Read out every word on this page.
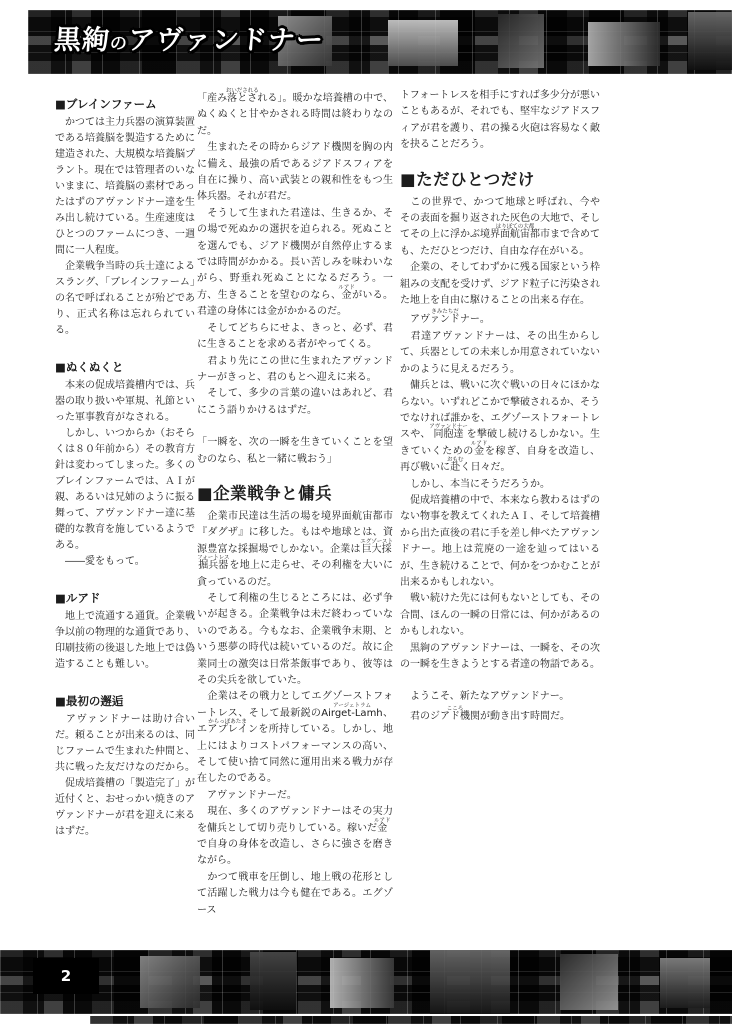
黒絢のアヴァンドナー
■ブレインファーム

　かつては主力兵器の演算装置である培養脳を製造するために建造された、大規模な培養脳プラント。現在では管理者のいないままに、培養脳の素材であったはずのアヴァンドナー達を生み出し続けている。生産速度はひとつのファームにつき、一週間に一人程度。

　企業戦争当時の兵士達によるスラング、「ブレインファーム」の名で呼ばれることが殆どであり、正式名称は忘れられている。

■ぬくぬくと

　本来の促成培養槽内では、兵器の取り扱いや軍規、礼節といった軍事教育がなされる。

　しかし、いつからか（おそらくは８０年前から）その教育方針は変わってしまった。多くのブレインファームでは、ＡＩが親、あるいは兄姉のように振る舞って、アヴァンドナー達に基礎的な教育を施しているようである。

　――愛をもって。

■ルアド

　地上で流通する通貨。企業戦争以前の物理的な通貨であり、印刷技術の後退した地上では偽造することも難しい。

■最初の邂逅

　アヴァンドナーは助け合いだ。頼ることが出来るのは、同じファームで生まれた仲間と、共に戦った友だけなのだから。

　促成培養槽の「製造完了」が近付くと、おせっかい焼きのアヴァンドナーが君を迎えに来るはずだ。

「産み落とされるおいだされる」。暖かな培養槽の中で、ぬくぬくと甘やかされる時間は終わりなのだ。

　生まれたその時からジアド機関を胸の内に備え、最強の盾であるジアドスフィアを自在に操り、高い武装との親和性をもつ生体兵器。それが君だ。

　そうして生まれた君達は、生きるか、その場で死ぬかの選択を迫られる。死ぬことを選んでも、ジアド機関が自然停止するまでは時間がかかる。長い苦しみを味わいながら、野垂れ死ぬことになるだろう。一方、生きることを望むのなら、金ルアドがいる。君達の身体には金がかかるのだ。

　そしてどちらにせよ、きっと、必ず、君に生きることを求める者がやってくる。

　君より先にこの世に生まれたアヴァンドナーがきっと、君のもとへ迎えに来る。

　そして、多少の言葉の違いはあれど、君にこう語りかけるはずだ。

「一瞬を、次の一瞬を生きていくことを望むのなら、私と一緒に戦おう」

■企業戦争と傭兵

　企業市民達は生活の場を境界面航宙都市『ダグザ』に移した。もはや地球とは、資源豊富な採掘場でしかない。企業は巨大採掘兵器エグゾーストフォートレスを地上に走らせ、その利権を大いに貪っているのだ。

　そして利権の生じるところには、必ず争いが起きる。企業戦争は未だ終わっていないのである。今もなお、企業戦争末期、という悪夢の時代は続いているのだ。故に企業同士の激突は日常茶飯事であり、彼等はその尖兵を欲していた。

　企業はその戦力としてエグゾーストフォートレス、そして最新鋭のAirget-Lamhアージェトラム、エアプレインからっぽあたまを所持している。しかし、地上にはよりコストパフォーマンスの高い、そして使い捨て同然に運用出来る戦力が存在したのである。

　アヴァンドナーだ。

　現在、多くのアヴァンドナーはその実力を傭兵として切り売りしている。稼いだ金ルアドで自身の身体を改造し、さらに強さを磨きながら。

　かつて戦車を圧倒し、地上戦の花形として活躍した戦力は今も健在である。エグゾース

トフォートレスを相手にすれば多少分が悪いこともあるが、それでも、堅牢なジアドスフィアが君を護り、君の操る火砲は容易なく敵を抉ることだろう。

■ただひとつだけ

　この世界で、かつて地球と呼ばれ、今やその表面を掘り返された灰色の大地で、そしてその上に浮かぶ境界面航宙都市はりぼての大都まで含めても、ただひとつだけ、自由な存在がいる。

　企業の、そしてわずかに残る国家という枠組みの支配を受けず、ジアド粒子に汚染された地上を自由に駆けることの出来る存在。

　アヴァンドナーきみたちだ。

　君達アヴァンドナーは、その出生からして、兵器としての未来しか用意されていないかのように見えるだろう。

　傭兵とは、戦いに次ぐ戦いの日々にほかならない。いずれどこかで撃破されるか、そうでなければ誰かを、エグゾーストフォートレスや、同胞達アヴァンドナーを撃破し続けるしかない。生きていくための金ルアドを稼ぎ、自身を改造し、再び戦いに赴おもむく日々だ。

　しかし、本当にそうだろうか。

　促成培養槽の中で、本来なら教わるはずのない物事を教えてくれたＡＩ、そして培養槽から出た直後の君に手を差し伸べたアヴァンドナー。地上は荒廃の一途を辿ってはいるが、生き続けることで、何かをつかむことが出来るかもしれない。

　戦い続けた先には何もないとしても、その合間、ほんの一瞬の日常には、何かがあるのかもしれない。

　黒絢のアヴァンドナーは、一瞬を、その次の一瞬を生きようとする者達の物語である。

　ようこそ、新たなアヴァンドナー。

　君のジアド機関こころが動き出す時間だ。

2
